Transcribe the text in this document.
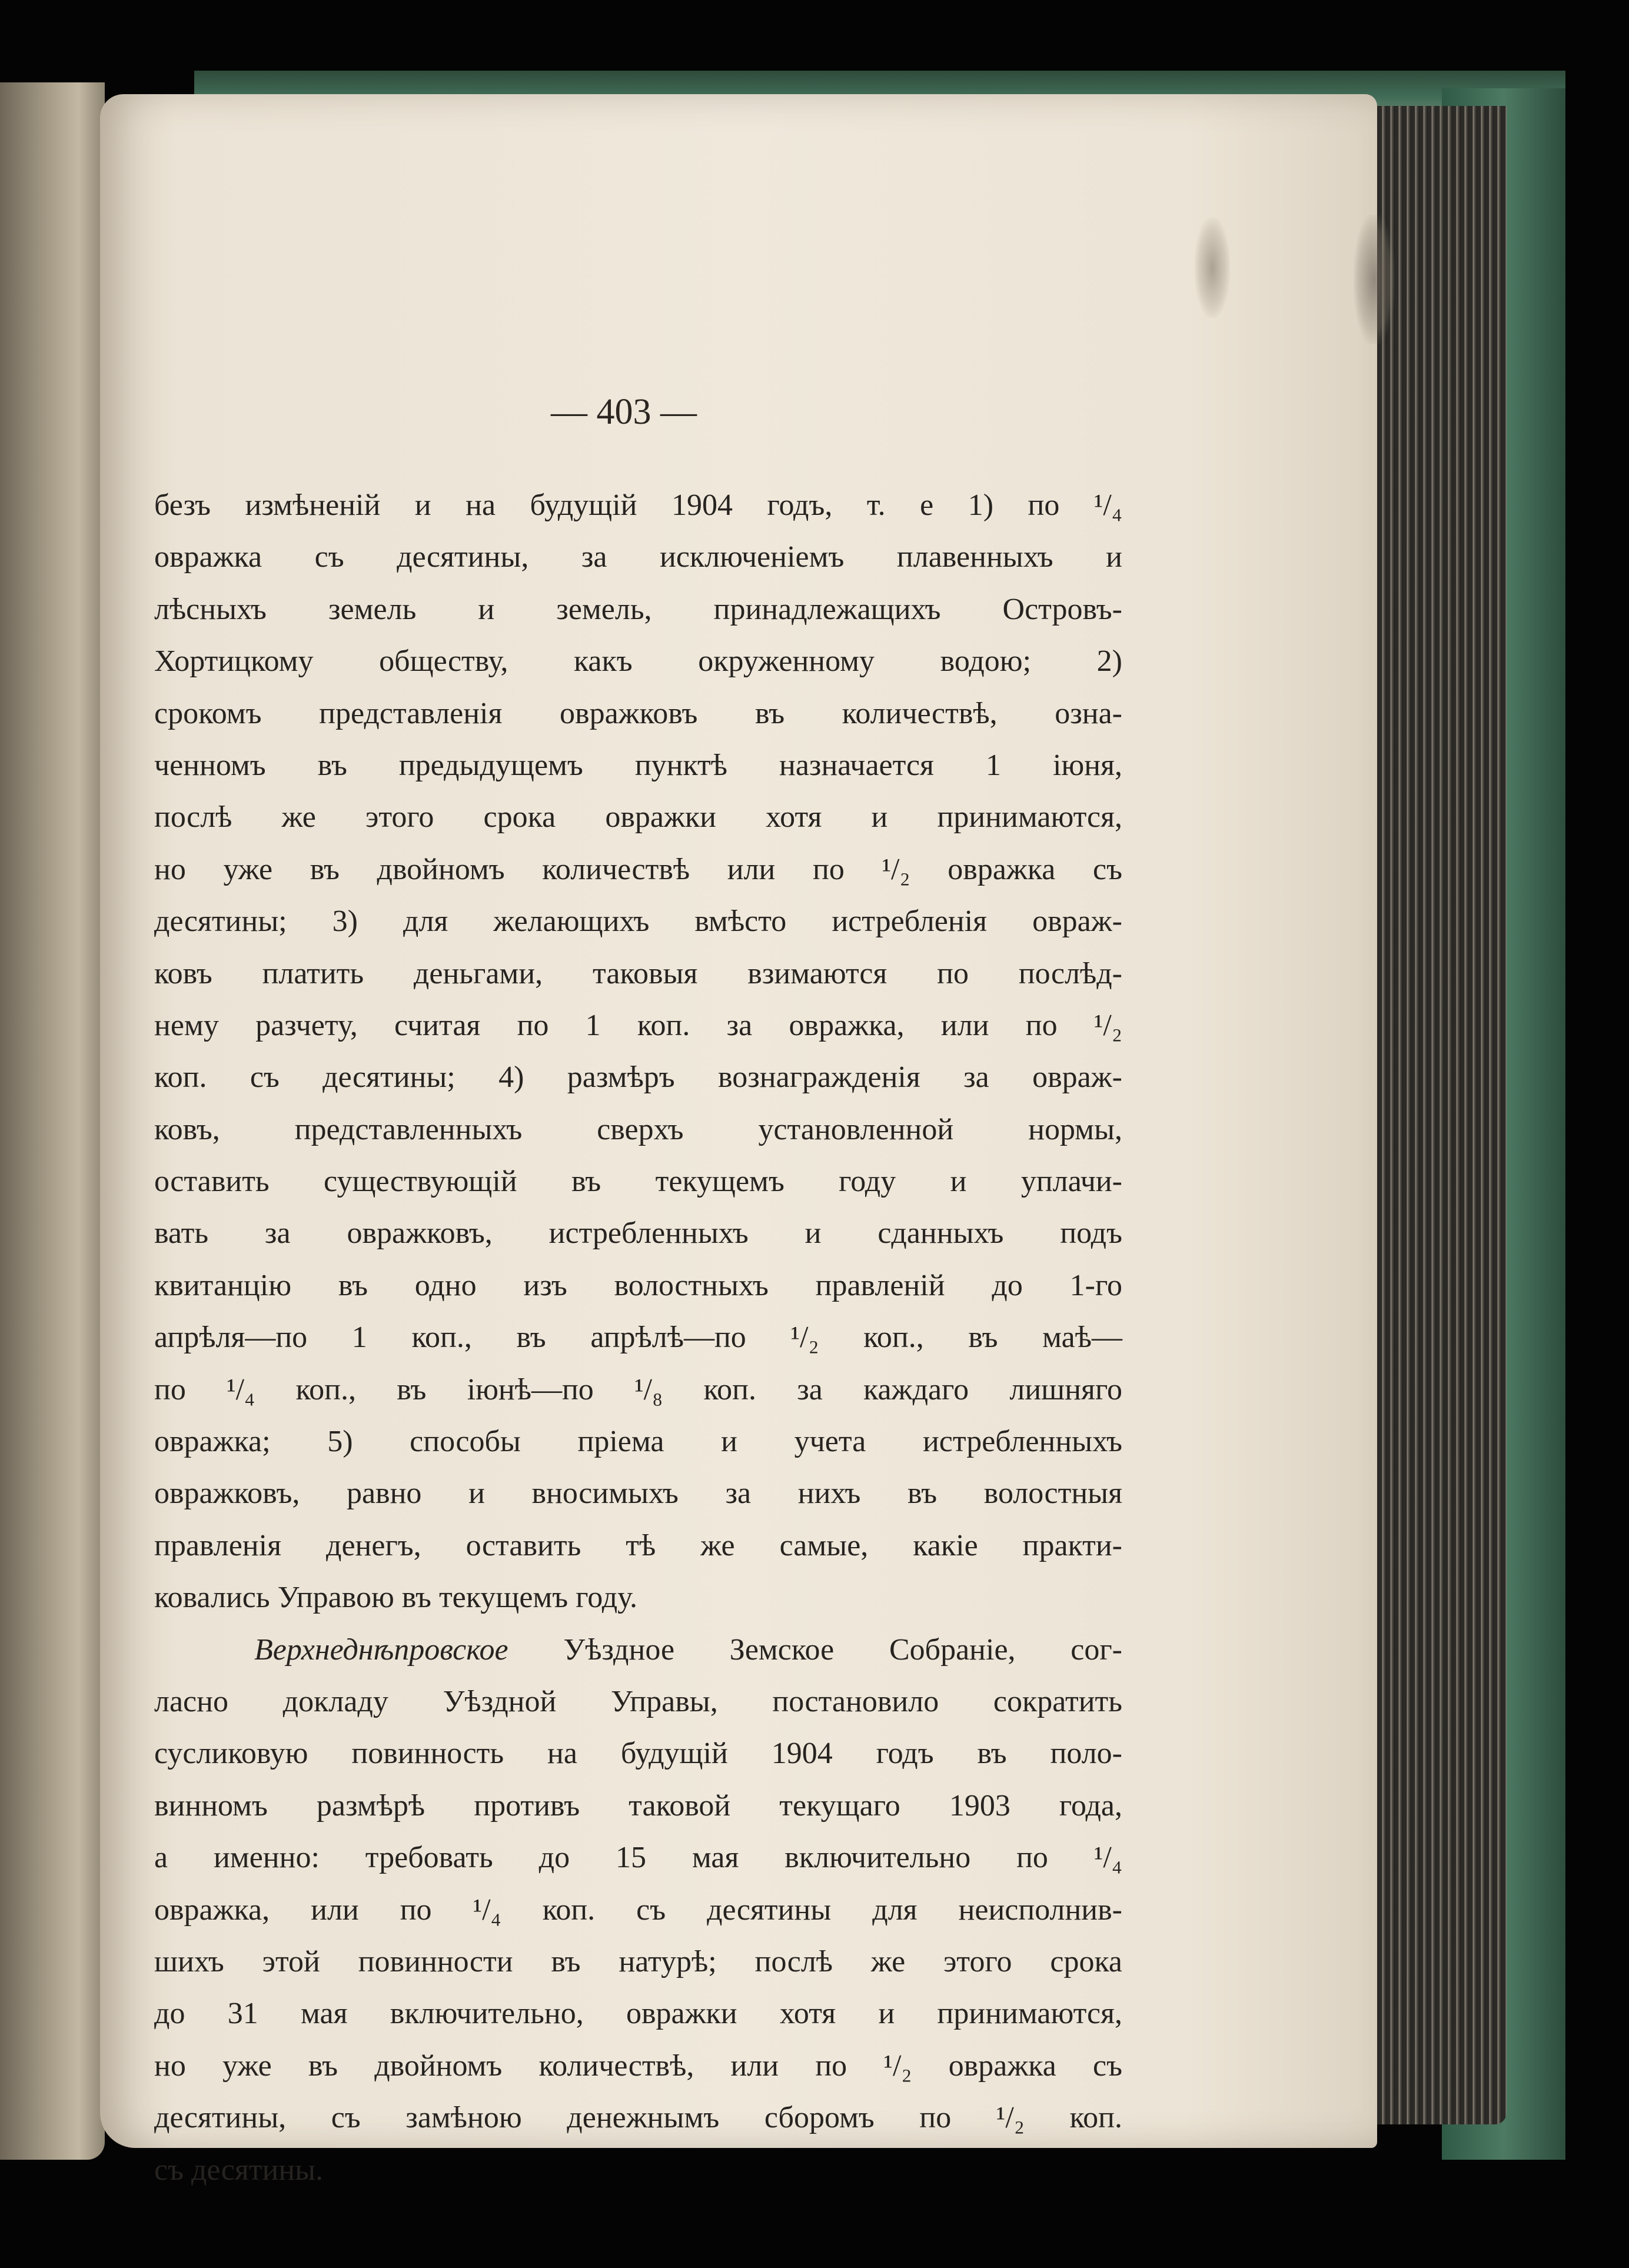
— 403 —
безъ измѣненій и на будущій 1904 годъ, т. е 1) по ¹/₄
овражка съ десятины, за исключеніемъ плавенныхъ и
лѣсныхъ земель и земель, принадлежащихъ Островъ-
Хортицкому обществу, какъ окруженному водою; 2)
срокомъ представленія овражковъ въ количествѣ, озна-
ченномъ въ предыдущемъ пунктѣ назначается 1 іюня,
послѣ же этого срока овражки хотя и принимаются,
но уже въ двойномъ количествѣ или по ¹/₂ овражка съ
десятины; 3) для желающихъ вмѣсто истребленія овраж-
ковъ платить деньгами, таковыя взимаются по послѣд-
нему разчету, считая по 1 коп. за овражка, или по ¹/₂
коп. съ десятины; 4) размѣръ вознагражденія за овраж-
ковъ, представленныхъ сверхъ установленной нормы,
оставить существующій въ текущемъ году и уплачи-
вать за овражковъ, истребленныхъ и сданныхъ подъ
квитанцію въ одно изъ волостныхъ правленій до 1-го
апрѣля—по 1 коп., въ апрѣлѣ—по ¹/₂ коп., въ маѣ—
по ¹/₄ коп., въ іюнѣ—по ¹/₈ коп. за каждаго лишняго
овражка; 5) способы пріема и учета истребленныхъ
овражковъ, равно и вносимыхъ за нихъ въ волостныя
правленія денегъ, оставить тѣ же самые, какіе практи-
ковались Управою въ текущемъ году.
Верхнеднѣпровское Уѣздное Земское Собраніе, сог-
ласно докладу Уѣздной Управы, постановило сократить
сусликовую повинность на будущій 1904 годъ въ поло-
винномъ размѣрѣ противъ таковой текущаго 1903 года,
а именно: требовать до 15 мая включительно по ¹/₄
овражка, или по ¹/₄ коп. съ десятины для неисполнив-
шихъ этой повинности въ натурѣ; послѣ же этого срока
до 31 мая включительно, овражки хотя и принимаются,
но уже въ двойномъ количествѣ, или по ¹/₂ овражка съ
десятины, съ замѣною денежнымъ сборомъ по ¹/₂ коп.
съ десятины.
